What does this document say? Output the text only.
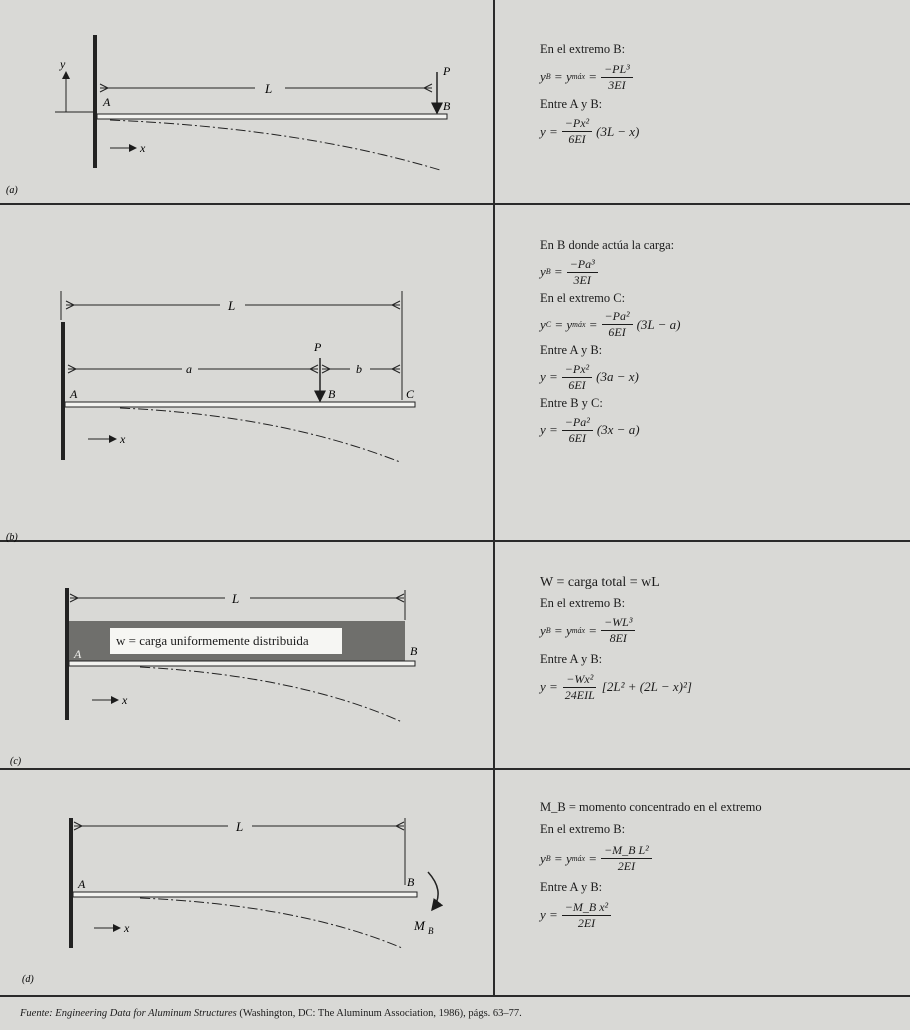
y
x
L
P
A	B
L
a	b
P
A	B	C
x
L
A	B
x
L
A	B
M B
x
(a)
(b)
(c)
(d)
w = carga uniformemente distribuida
En el extremo B:
y B
= y máx
= $\frac{\text{−PL³}}{3EI}$
Entre A y B:
$y = \frac{\text{−Px²}}{6EI} (3L - x)$
En B donde actúa la carga:
y B
= $\frac{\text{−Pa³}}{3EI}$
En el extremo C:
y C
= y máx
= $\frac{\text{−Pa²}}{6EI} (3L - a)$
Entre A y B:
$y = \frac{\text{−Px²}}{6EI} (3a - x)$
Entre B y C:
$y = \frac{\text{−Pa²}}{6EI} (3x - a)$
W = carga total = wL
En el extremo B:
y B
= y máx
= $\frac{\text{−WL³}}{8EI}$
Entre A y B:
$y = \frac{\text{−Wx²}}{\text{24EIL}} [2L^2 + (2L - x)^2]$
M_B = momento concentrado en el extremo
En el extremo B:
y B
= y máx
= $\frac{\text{−M\_B L²}}{2EI}$
Entre A y B:
$y = \frac{\text{−M\_B x²}}{2EI}$
Fuente: Engineering Data for Aluminum Structures (Washington, DC: The Aluminum Association, 1986), págs. 63–77.
